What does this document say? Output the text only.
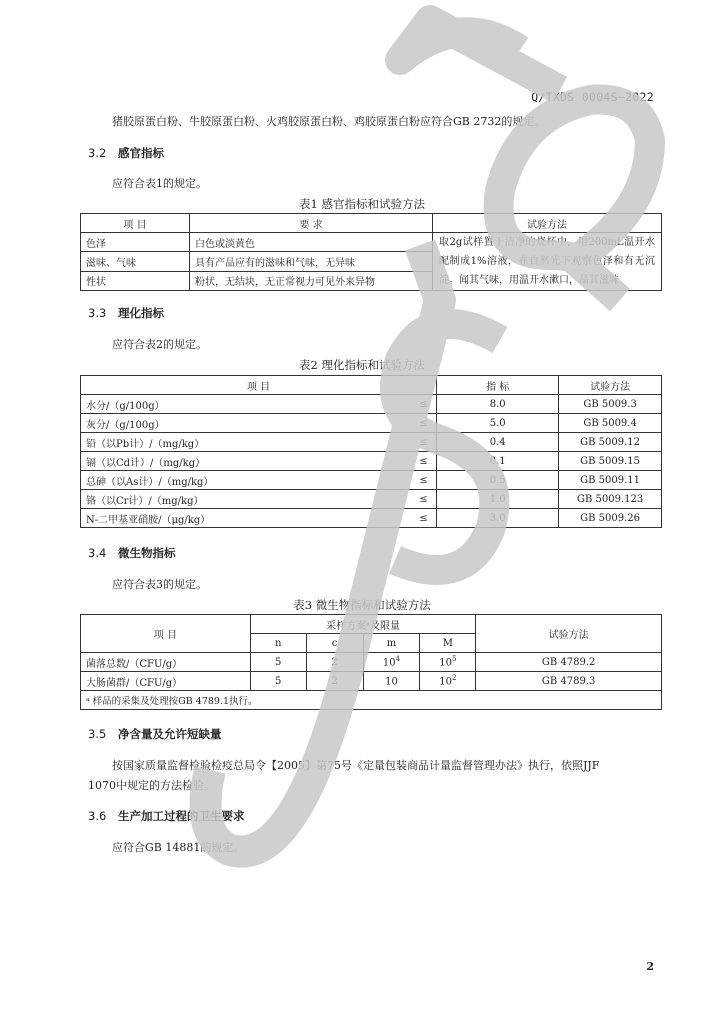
Q/TXDS 0004S—2022
猪胶原蛋白粉、牛胶原蛋白粉、火鸡胶原蛋白粉、鸡胶原蛋白粉应符合GB 2732的规定。
3.2 感官指标
应符合表1的规定。
表1 感官指标和试验方法
项 目	要 求	试验方法
色泽	白色或淡黄色	取2g试样置于洁净的烧杯中，用200mL温开水配制成1%溶液，在自然光下观察色泽和有无沉淀。闻其气味，用温开水漱口，品其滋味
滋味、气味	具有产品应有的滋味和气味，无异味	
性状	粉状，无结块，无正常视力可见外来异物	
3.3 理化指标
应符合表2的规定。
表2 理化指标和试验方法
项 目		指 标	试验方法
水分/（g/100g）	≤	8.0	GB 5009.3
灰分/（g/100g）	≤	5.0	GB 5009.4
铅（以Pb计）/（mg/kg）	≤	0.4	GB 5009.12
镉（以Cd计）/（mg/kg）	≤	0.1	GB 5009.15
总砷（以As计）/（mg/kg）	≤	0.5	GB 5009.11
铬（以Cr计）/（mg/kg）	≤	1.0	GB 5009.123
N-二甲基亚硝胺/（μg/kg）	≤	3.0	GB 5009.26
3.4 微生物指标
应符合表3的规定。
表3 微生物指标和试验方法
项 目	采样方案ᵃ及限量				试验方法
	n	c	m	M	
菌落总数/（CFU/g）	5	2	$10^4$	$10^5$	GB 4789.2
大肠菌群/（CFU/g）	5	2	10	$10^2$	GB 4789.3
ᵃ 样品的采集及处理按GB 4789.1执行。					
3.5 净含量及允许短缺量
按国家质量监督检验检疫总局令【2005】第75号《定量包装商品计量监督管理办法》执行，依照JJF
1070中规定的方法检验。
3.6 生产加工过程的卫生要求
应符合GB 14881的规定。
2
